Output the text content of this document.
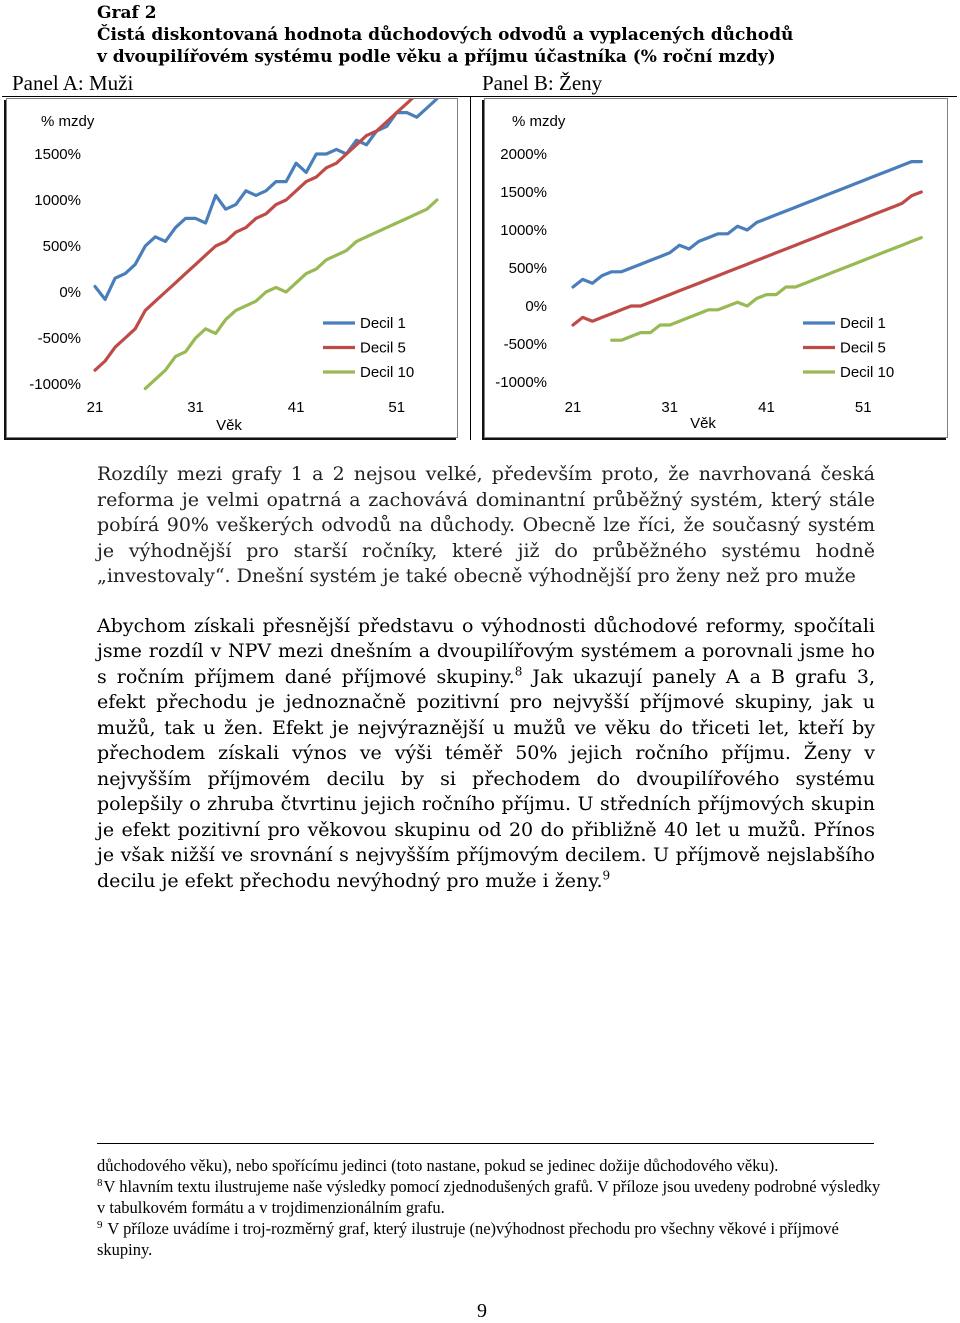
Graf 2
Čistá diskontovaná hodnota důchodových odvodů a vyplacených důchodů
v dvoupilířovém systému podle věku a příjmu účastníka (% roční mzdy)
Panel A: Muži	Panel B: Ženy
% mzdy
1500%
1000%
500%
0%
-500%
-1000%
21	31	41	51
Věk
Decil 1
Decil 5
Decil 10
% mzdy
2000%
1500%
1000%
500%
0%
-500%
-1000%
21	31	41	51
Věk
Decil 1
Decil 5
Decil 10

Rozdíly mezi grafy 1 a 2 nejsou velké, především proto, že navrhovaná česká reforma je velmi opatrná a zachovává dominantní průběžný systém, který stále pobírá 90% veškerých odvodů na důchody. Obecně lze říci, že současný systém je výhodnější pro starší ročníky, které již do průběžného systému hodně „investovaly“. Dnešní systém je také obecně výhodnější pro ženy než pro muže

Abychom získali přesnější představu o výhodnosti důchodové reformy, spočítali jsme rozdíl v NPV mezi dnešním a dvoupilířovým systémem a porovnali jsme ho s ročním příjmem dané příjmové skupiny.$^8$ Jak ukazují panely A a B grafu 3, efekt přechodu je jednoznačně pozitivní pro nejvyšší příjmové skupiny, jak u mužů, tak u žen. Efekt je nejvýraznější u mužů ve věku do třiceti let, kteří by přechodem získali výnos ve výši téměř 50% jejich ročního příjmu. Ženy v nejvyšším příjmovém decilu by si přechodem do dvoupilířového systému polepšily o zhruba čtvrtinu jejich ročního příjmu. U středních příjmových skupin je efekt pozitivní pro věkovou skupinu od 20 do přibližně 40 let u mužů. Přínos je však nižší ve srovnání s nejvyšším příjmovým decilem. U příjmově nejslabšího decilu je efekt přechodu nevýhodný pro muže i ženy.$^9$

důchodového věku), nebo spořícímu jedinci (toto nastane, pokud se jedinec dožije důchodového věku).

$^8$V hlavním textu ilustrujeme naše výsledky pomocí zjednodušených grafů. V příloze jsou uvedeny podrobné výsledky v tabulkovém formátu a v trojdimenzionálním grafu.

$^9$ V příloze uvádíme i troj-rozměrný graf, který ilustruje (ne)výhodnost přechodu pro všechny věkové i příjmové skupiny.

9
